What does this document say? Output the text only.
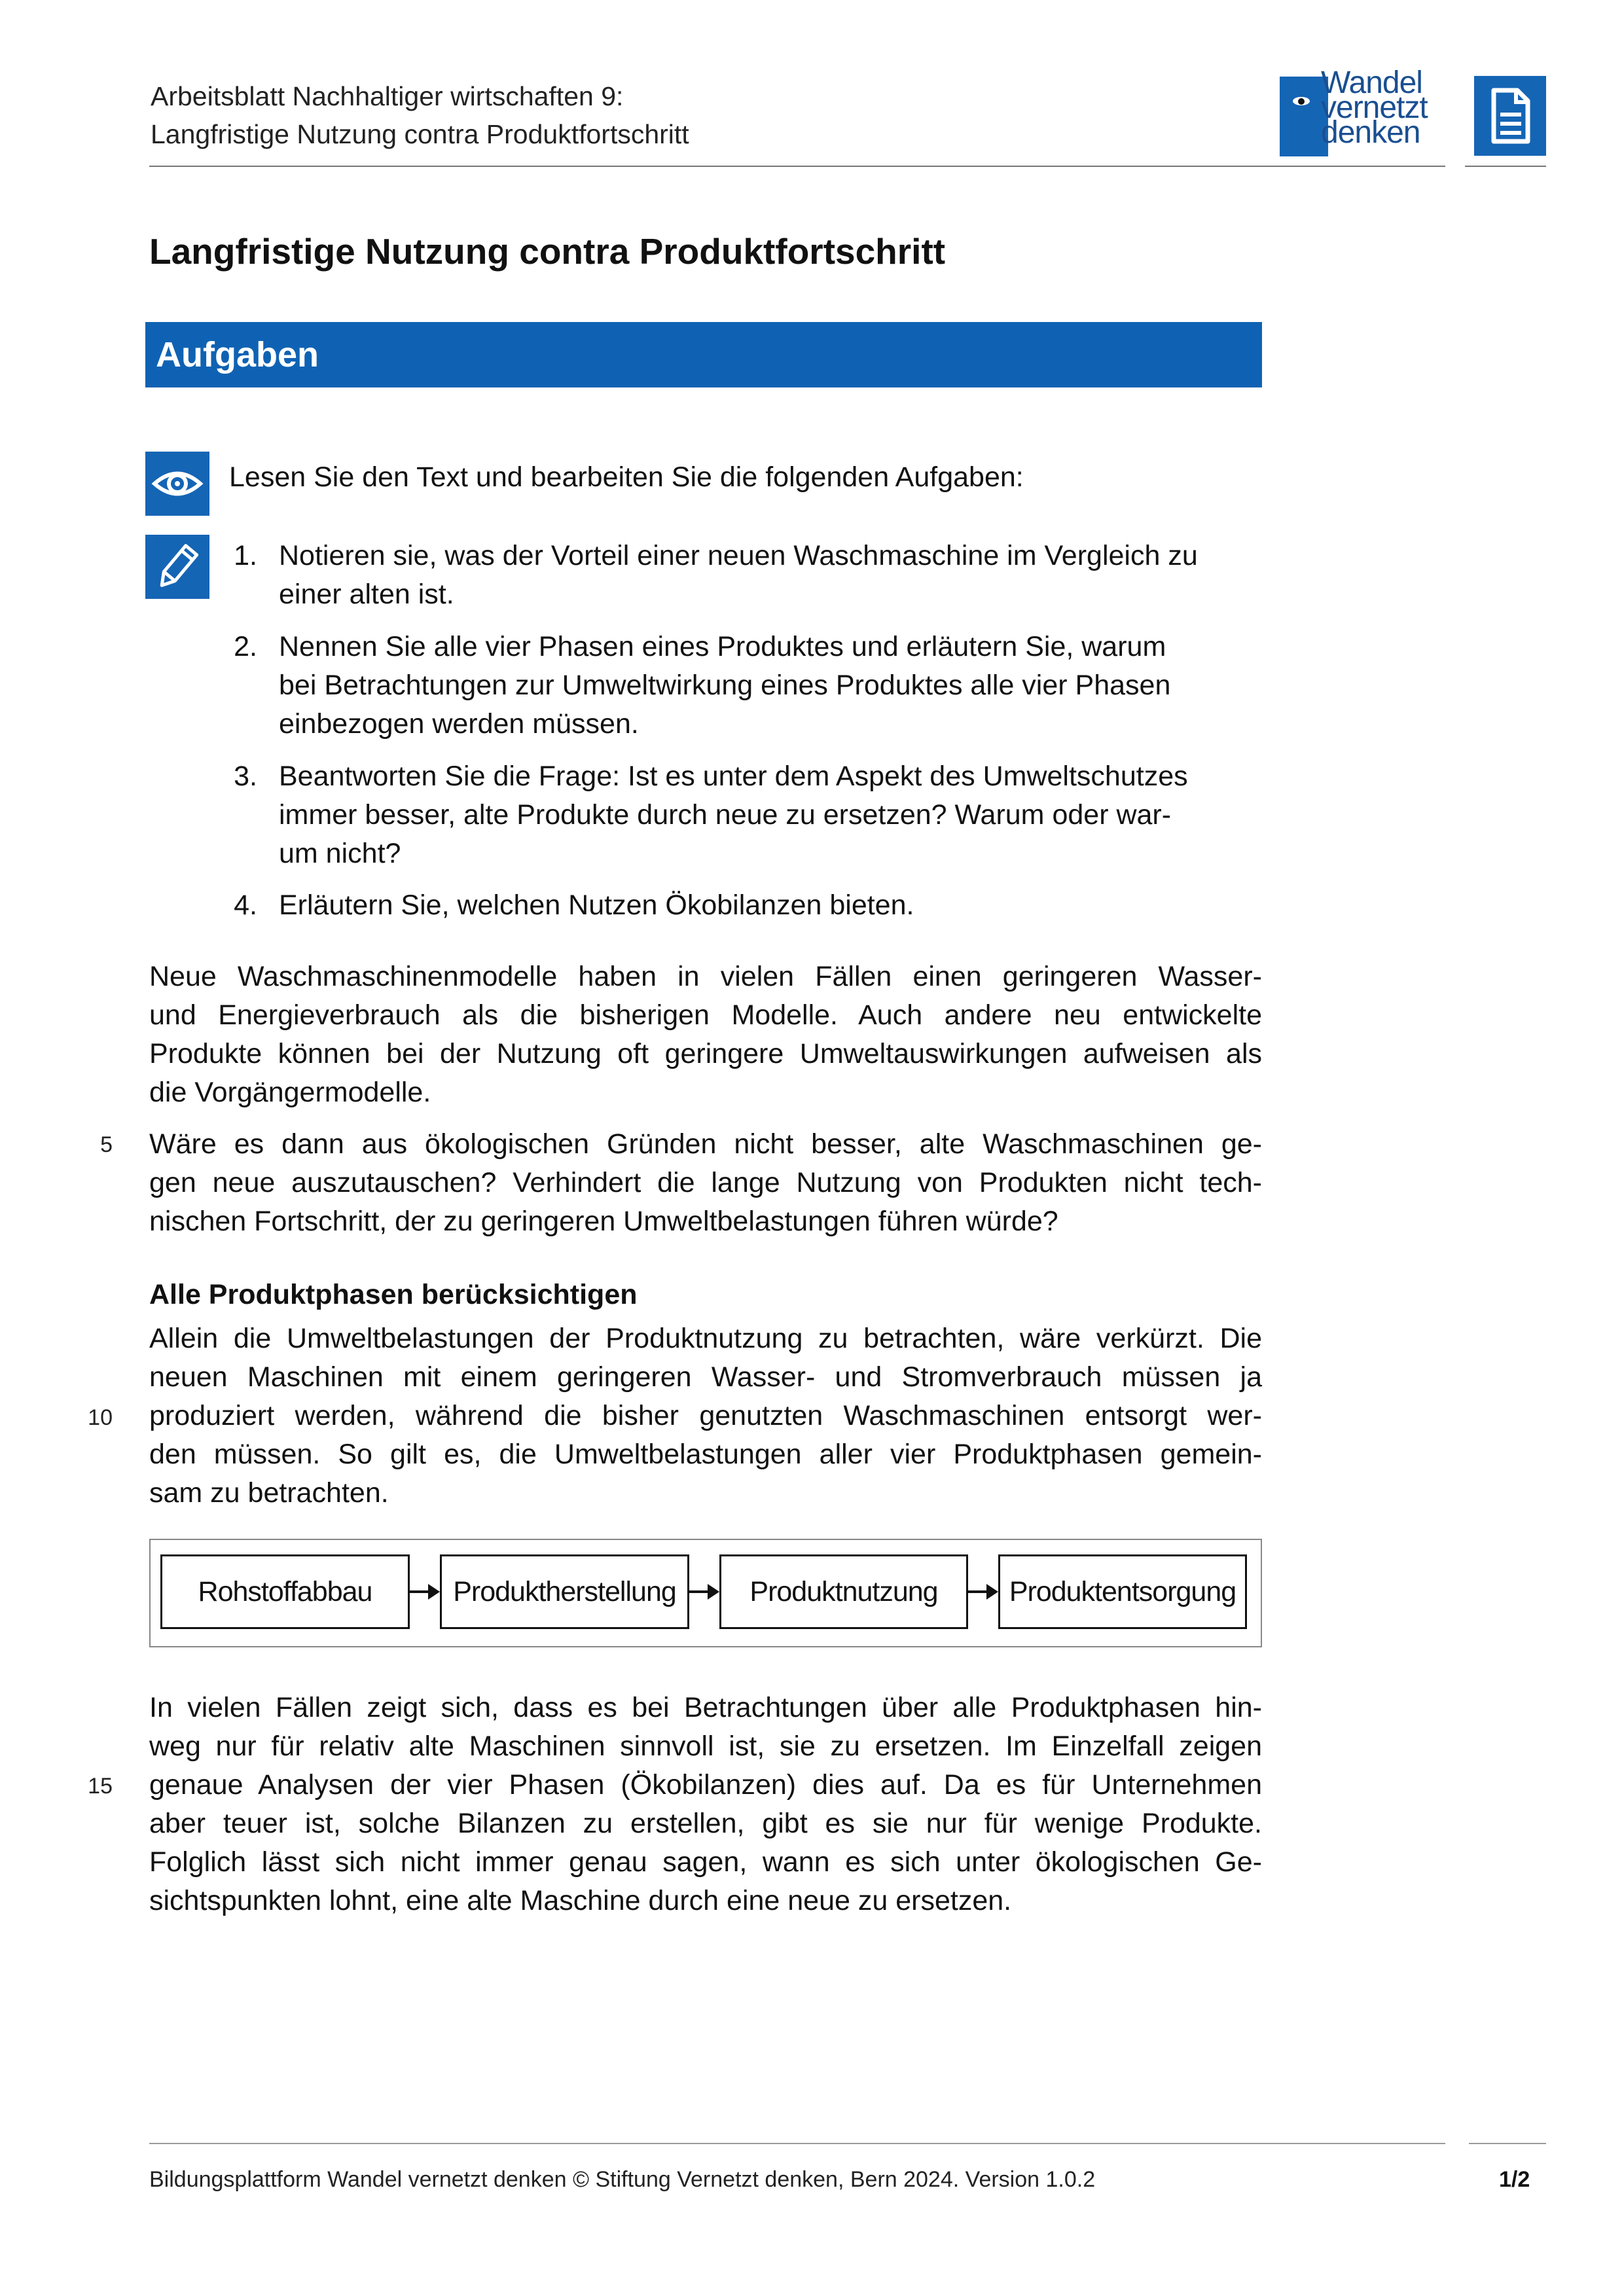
Arbeitsblatt Nachhaltiger wirtschaften 9:
Langfristige Nutzung contra Produktfortschritt
Wandel
vernetzt
denken
Langfristige Nutzung contra Produktfortschritt
Aufgaben
Lesen Sie den Text und bearbeiten Sie die folgenden Aufgaben:
1. Notieren sie, was der Vorteil einer neuen Waschmaschine im Vergleich zu
einer alten ist.
2. Nennen Sie alle vier Phasen eines Produktes und erläutern Sie, warum
bei Betrachtungen zur Umweltwirkung eines Produktes alle vier Phasen
einbezogen werden müssen.
3. Beantworten Sie die Frage: Ist es unter dem Aspekt des Umweltschutzes
immer besser, alte Produkte durch neue zu ersetzen? Warum oder war-
um nicht?
4. Erläutern Sie, welchen Nutzen Ökobilanzen bieten.
Neue Waschmaschinenmodelle haben in vielen Fällen einen geringeren Wasser-
und Energieverbrauch als die bisherigen Modelle. Auch andere neu entwickelte
Produkte können bei der Nutzung oft geringere Umweltauswirkungen aufweisen als
die Vorgängermodelle.
5 Wäre es dann aus ökologischen Gründen nicht besser, alte Waschmaschinen ge-
gen neue auszutauschen? Verhindert die lange Nutzung von Produkten nicht tech-
nischen Fortschritt, der zu geringeren Umweltbelastungen führen würde?
Alle Produktphasen berücksichtigen
10
Allein die Umweltbelastungen der Produktnutzung zu betrachten, wäre verkürzt. Die
neuen Maschinen mit einem geringeren Wasser- und Stromverbrauch müssen ja
produziert werden, während die bisher genutzten Waschmaschinen entsorgt wer-
den müssen. So gilt es, die Umweltbelastungen aller vier Produktphasen gemein-
sam zu betrachten.
Rohstoffabbau	Produktherstellung	Produktnutzung	Produktentsorgung
15
In vielen Fällen zeigt sich, dass es bei Betrachtungen über alle Produktphasen hin-
weg nur für relativ alte Maschinen sinnvoll ist, sie zu ersetzen. Im Einzelfall zeigen
genaue Analysen der vier Phasen (Ökobilanzen) dies auf. Da es für Unternehmen
aber teuer ist, solche Bilanzen zu erstellen, gibt es sie nur für wenige Produkte.
Folglich lässt sich nicht immer genau sagen, wann es sich unter ökologischen Ge-
sichtspunkten lohnt, eine alte Maschine durch eine neue zu ersetzen.
Bildungsplattform Wandel vernetzt denken © Stiftung Vernetzt denken, Bern 2024. Version 1.0.2	1/2
